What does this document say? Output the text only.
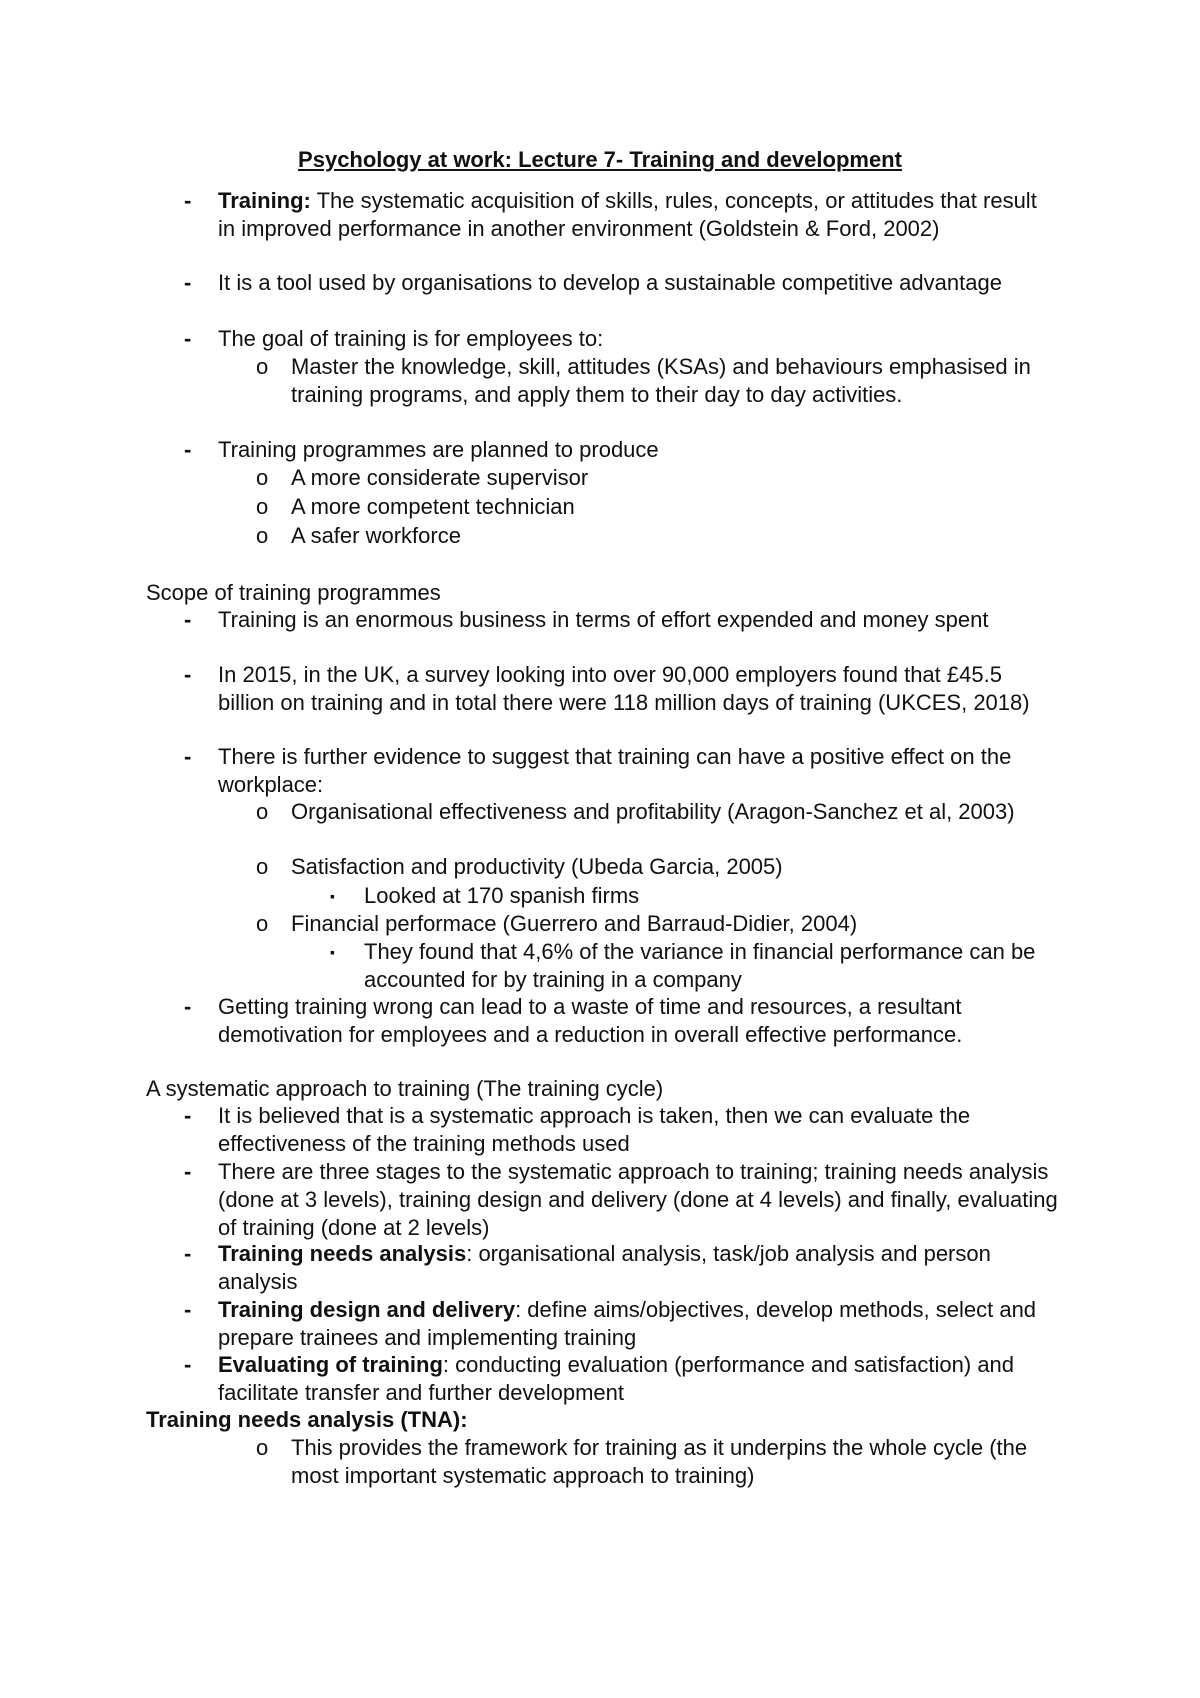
Psychology at work: Lecture 7- Training and development
- Training: The systematic acquisition of skills, rules, concepts, or attitudes that result in improved performance in another environment (Goldstein & Ford, 2002)
- It is a tool used by organisations to develop a sustainable competitive advantage
- The goal of training is for employees to:
o Master the knowledge, skill, attitudes (KSAs) and behaviours emphasised in training programs, and apply them to their day to day activities.
- Training programmes are planned to produce
o A more considerate supervisor
o A more competent technician
o A safer workforce
Scope of training programmes
- Training is an enormous business in terms of effort expended and money spent
- In 2015, in the UK, a survey looking into over 90,000 employers found that £45.5 billion on training and in total there were 118 million days of training (UKCES, 2018)
- There is further evidence to suggest that training can have a positive effect on the workplace:
o Organisational effectiveness and profitability (Aragon-Sanchez et al, 2003)
o Satisfaction and productivity (Ubeda Garcia, 2005)
▪ Looked at 170 spanish firms
o Financial performace (Guerrero and Barraud-Didier, 2004)
▪ They found that 4,6% of the variance in financial performance can be accounted for by training in a company
- Getting training wrong can lead to a waste of time and resources, a resultant demotivation for employees and a reduction in overall effective performance.
A systematic approach to training (The training cycle)
- It is believed that is a systematic approach is taken, then we can evaluate the effectiveness of the training methods used
- There are three stages to the systematic approach to training; training needs analysis (done at 3 levels), training design and delivery (done at 4 levels) and finally, evaluating of training (done at 2 levels)
- Training needs analysis: organisational analysis, task/job analysis and person analysis
- Training design and delivery: define aims/objectives, develop methods, select and prepare trainees and implementing training
- Evaluating of training: conducting evaluation (performance and satisfaction) and facilitate transfer and further development
Training needs analysis (TNA):
o This provides the framework for training as it underpins the whole cycle (the most important systematic approach to training)
